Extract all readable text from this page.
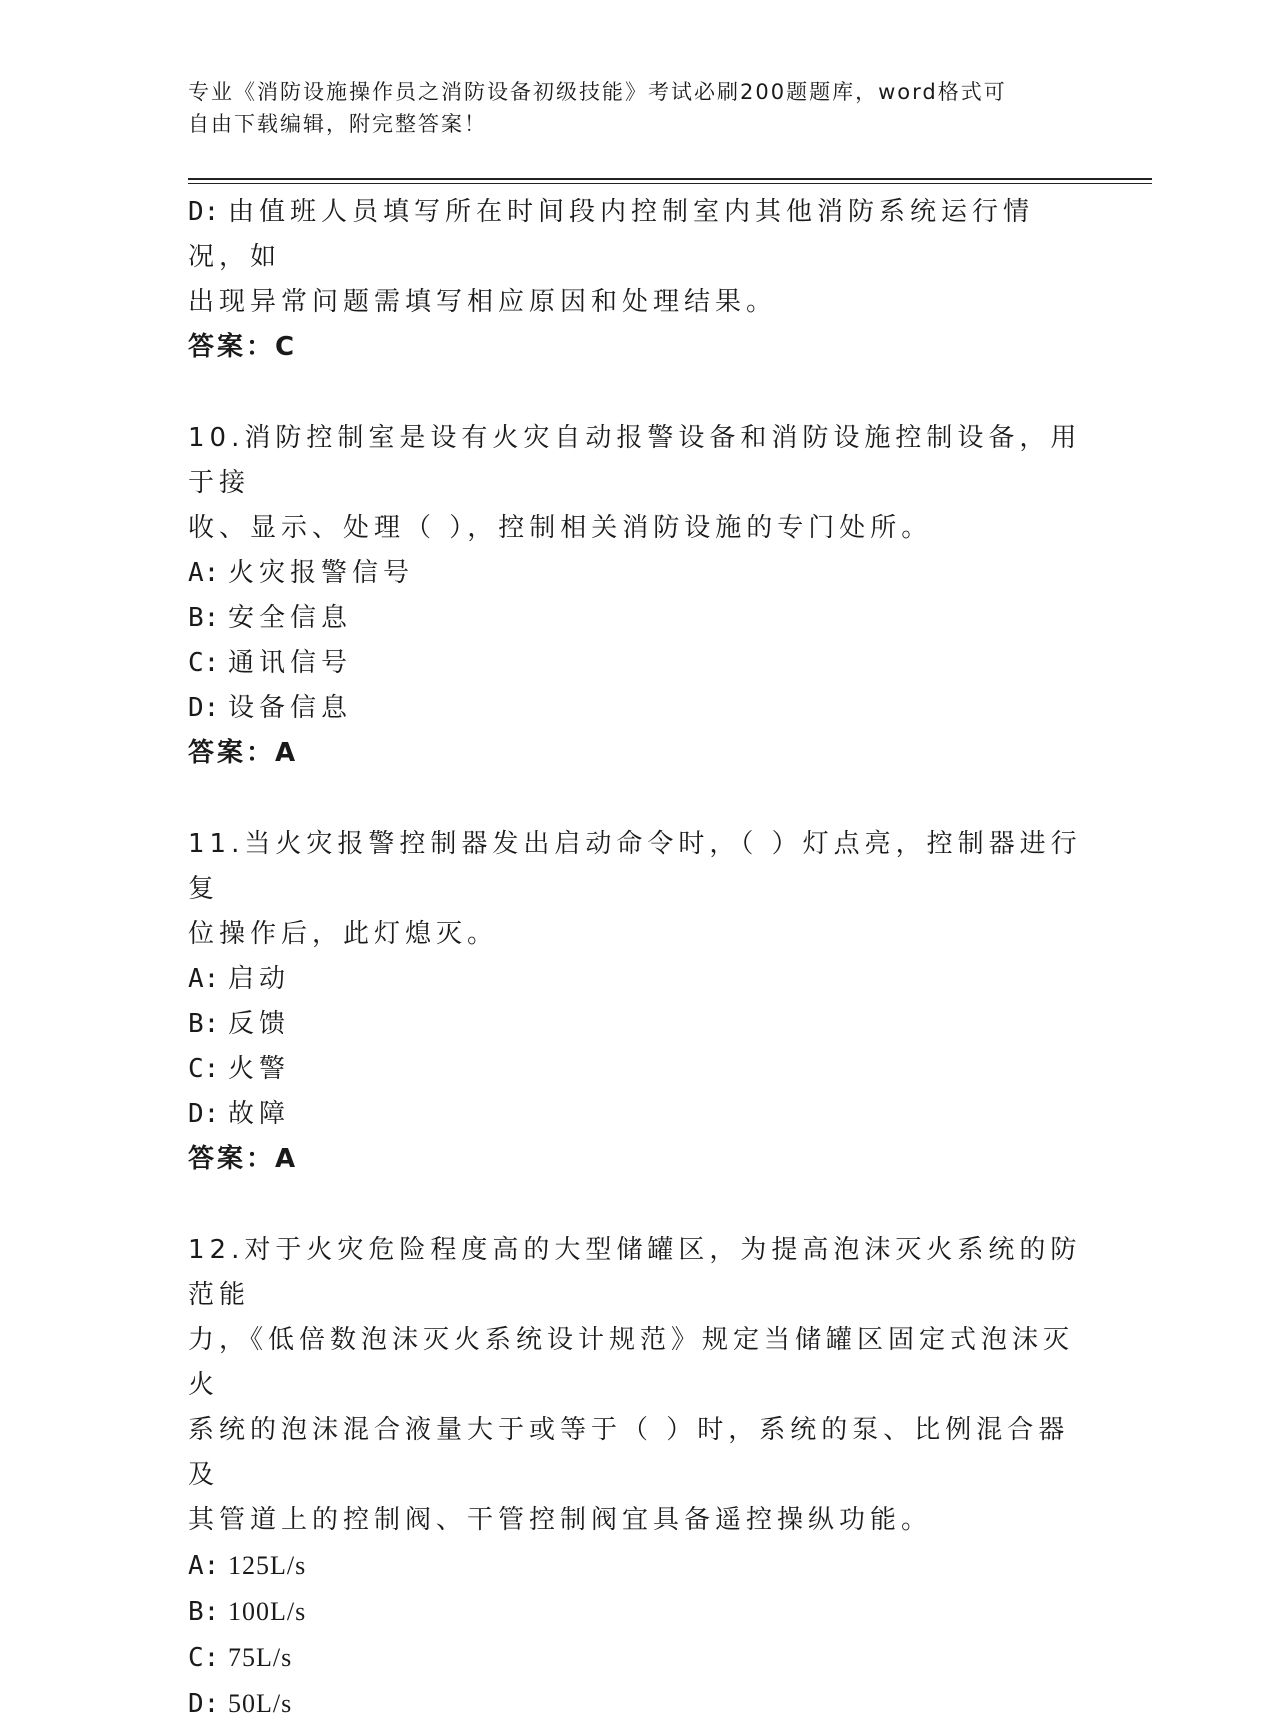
专业《消防设施操作员之消防设备初级技能》考试必刷200题题库，word格式可
自由下载编辑，附完整答案！
D: 由值班人员填写所在时间段内控制室内其他消防系统运行情况，如
出现异常问题需填写相应原因和处理结果。
答案：C
10.消防控制室是设有火灾自动报警设备和消防设施控制设备，用于接
收、显示、处理（ ），控制相关消防设施的专门处所。
A: 火灾报警信号
B: 安全信息
C: 通讯信号
D: 设备信息
答案：A
11.当火灾报警控制器发出启动命令时，（ ）灯点亮，控制器进行复
位操作后，此灯熄灭。
A: 启动
B: 反馈
C: 火警
D: 故障
答案：A
12.对于火灾危险程度高的大型储罐区，为提高泡沫灭火系统的防范能
力，《低倍数泡沫灭火系统设计规范》规定当储罐区固定式泡沫灭火
系统的泡沫混合液量大于或等于（ ）时，系统的泵、比例混合器及
其管道上的控制阀、干管控制阀宜具备遥控操纵功能。
A: 125L/s
B: 100L/s
C: 75L/s
D: 50L/s
